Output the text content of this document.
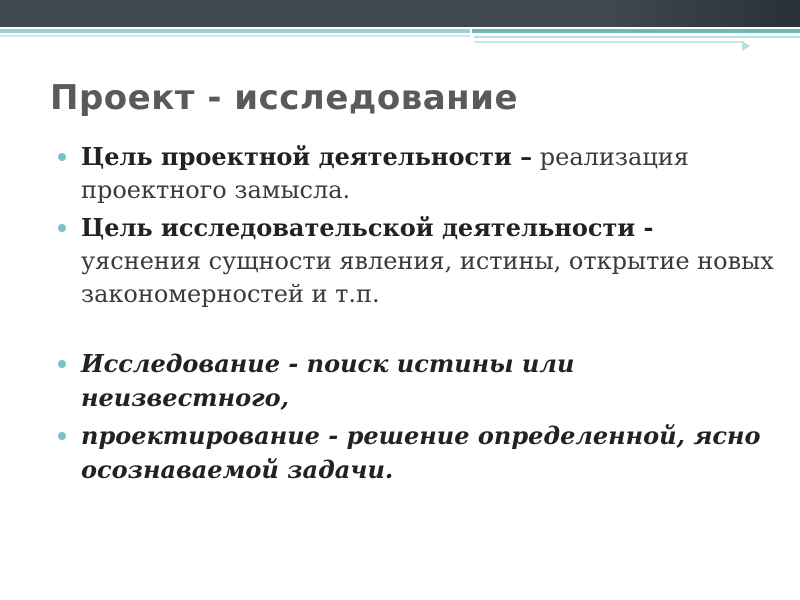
Проект - исследование
Цель проектной деятельности – реализация проектного замысла.
Цель исследовательской деятельности - уяснения сущности явления, истины, открытие новых закономерностей и т.п.
Исследование - поиск истины или неизвестного,
проектирование - решение определенной, ясно осознаваемой задачи.
